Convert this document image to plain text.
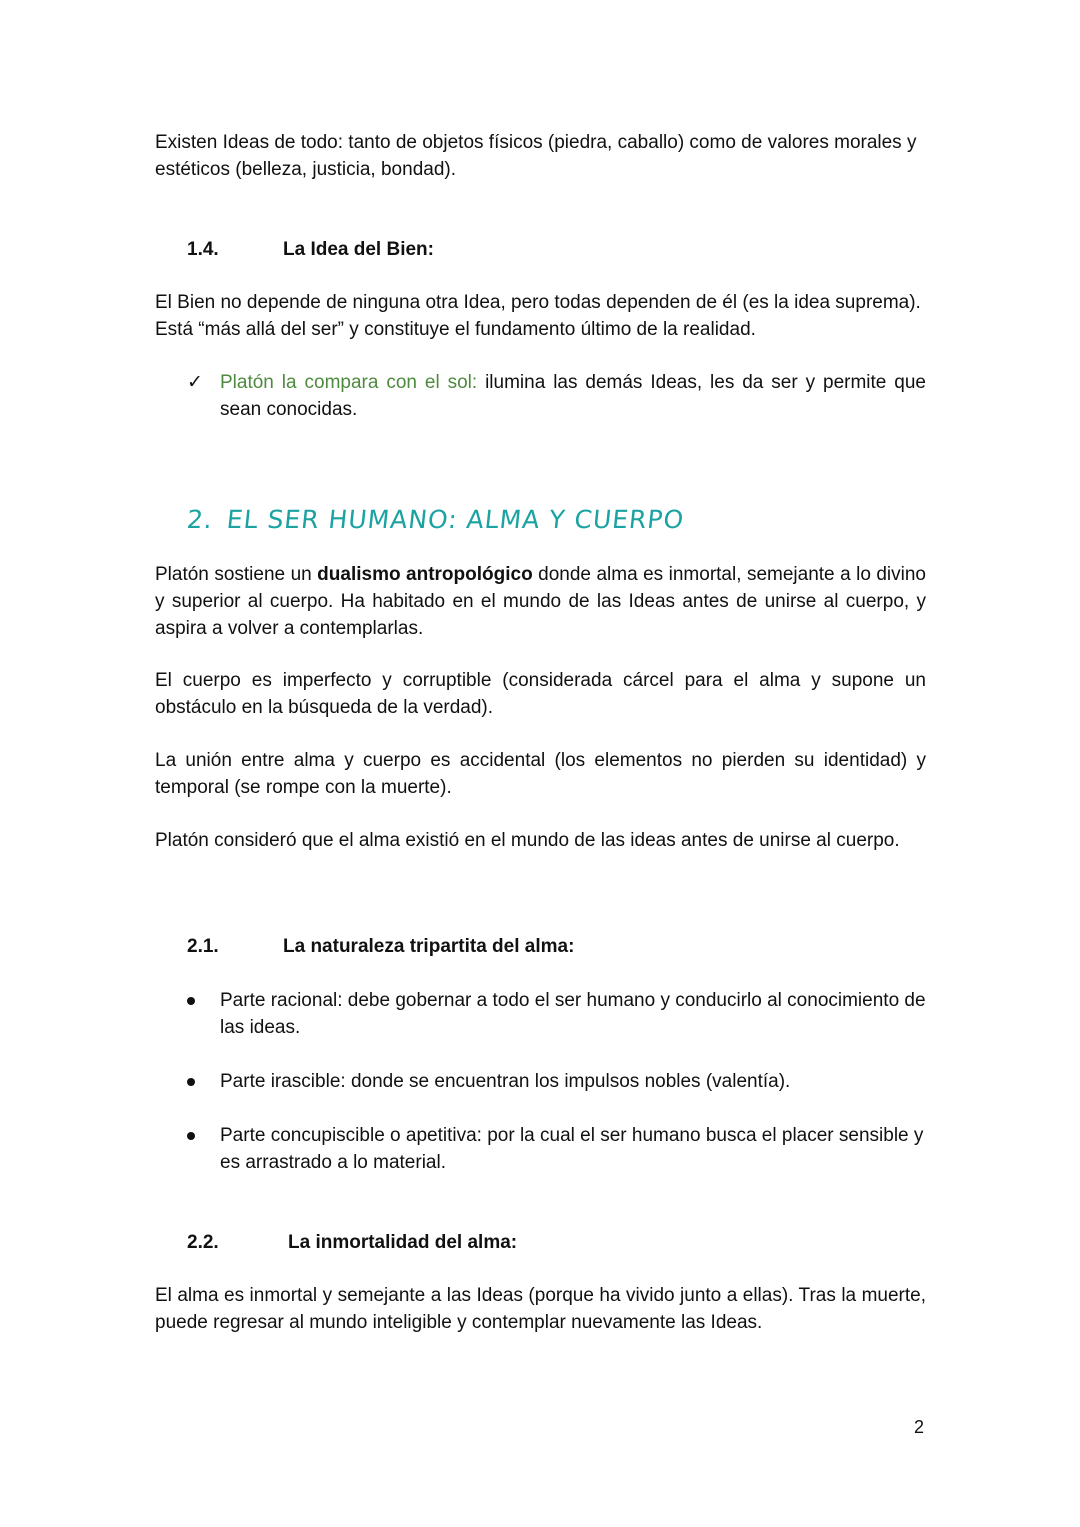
Existen Ideas de todo: tanto de objetos físicos (piedra, caballo) como de valores morales y estéticos (belleza, justicia, bondad).

1.4.	La Idea del Bien:

El Bien no depende de ninguna otra Idea, pero todas dependen de él (es la idea suprema). Está “más allá del ser” y constituye el fundamento último de la realidad.

✓ Platón la compara con el sol: ilumina las demás Ideas, les da ser y permite que sean conocidas.
2. EL SER HUMANO: ALMA Y CUERPO

Platón sostiene un dualismo antropológico donde alma es inmortal, semejante a lo divino y superior al cuerpo. Ha habitado en el mundo de las Ideas antes de unirse al cuerpo, y aspira a volver a contemplarlas.

El cuerpo es imperfecto y corruptible (considerada cárcel para el alma y supone un obstáculo en la búsqueda de la verdad).

La unión entre alma y cuerpo es accidental (los elementos no pierden su identidad) y temporal (se rompe con la muerte).

Platón consideró que el alma existió en el mundo de las ideas antes de unirse al cuerpo.

2.1.	La naturaleza tripartita del alma:
Parte racional: debe gobernar a todo el ser humano y conducirlo al conocimiento de las ideas.
Parte irascible: donde se encuentran los impulsos nobles (valentía).
Parte concupiscible o apetitiva: por la cual el ser humano busca el placer sensible y es arrastrado a lo material.
2.2.	La inmortalidad del alma:

El alma es inmortal y semejante a las Ideas (porque ha vivido junto a ellas). Tras la muerte, puede regresar al mundo inteligible y contemplar nuevamente las Ideas.

2
